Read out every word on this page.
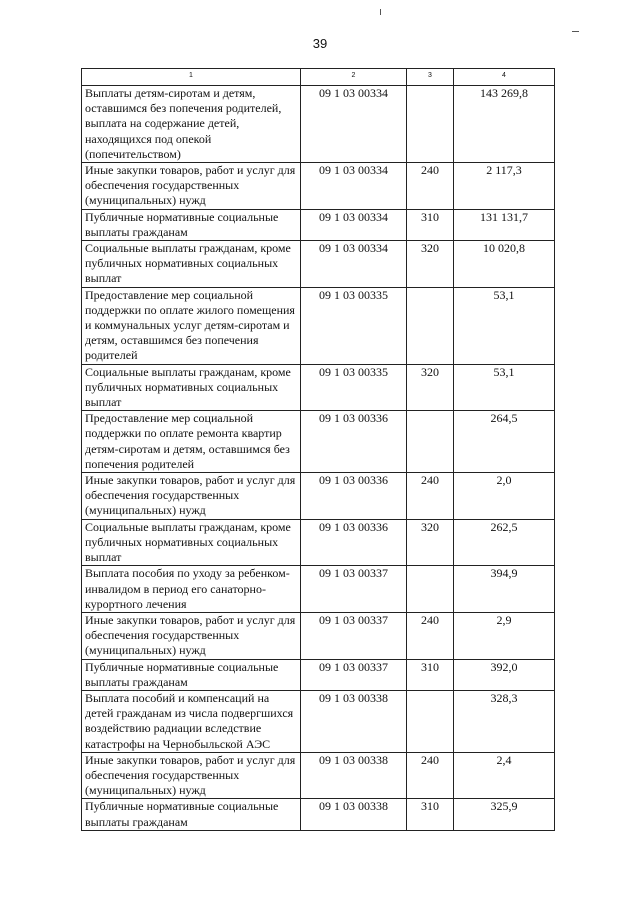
39
1	2	3	4
Выплаты детям-сиротам и детям, оставшимся без попечения родителей, выплата на содержание детей, находящихся под опекой (попечительством)	09 1 03 00334		143 269,8
Иные закупки товаров, работ и услуг для обеспечения государственных (муниципальных) нужд	09 1 03 00334	240	2 117,3
Публичные нормативные социальные выплаты гражданам	09 1 03 00334	310	131 131,7
Социальные выплаты гражданам, кроме публичных нормативных социальных выплат	09 1 03 00334	320	10 020,8
Предоставление мер социальной поддержки по оплате жилого помещения и коммунальных услуг детям-сиротам и детям, оставшимся без попечения родителей	09 1 03 00335		53,1
Социальные выплаты гражданам, кроме публичных нормативных социальных выплат	09 1 03 00335	320	53,1
Предоставление мер социальной поддержки по оплате ремонта квартир детям-сиротам и детям, оставшимся без попечения родителей	09 1 03 00336		264,5
Иные закупки товаров, работ и услуг для обеспечения государственных (муниципальных) нужд	09 1 03 00336	240	2,0
Социальные выплаты гражданам, кроме публичных нормативных социальных выплат	09 1 03 00336	320	262,5
Выплата пособия по уходу за ребенком-инвалидом в период его санаторно-курортного лечения	09 1 03 00337		394,9
Иные закупки товаров, работ и услуг для обеспечения государственных (муниципальных) нужд	09 1 03 00337	240	2,9
Публичные нормативные социальные выплаты гражданам	09 1 03 00337	310	392,0
Выплата пособий и компенсаций на детей гражданам из числа подвергшихся воздействию радиации вследствие катастрофы на Чернобыльской АЭС	09 1 03 00338		328,3
Иные закупки товаров, работ и услуг для обеспечения государственных (муниципальных) нужд	09 1 03 00338	240	2,4
Публичные нормативные социальные выплаты гражданам	09 1 03 00338	310	325,9
